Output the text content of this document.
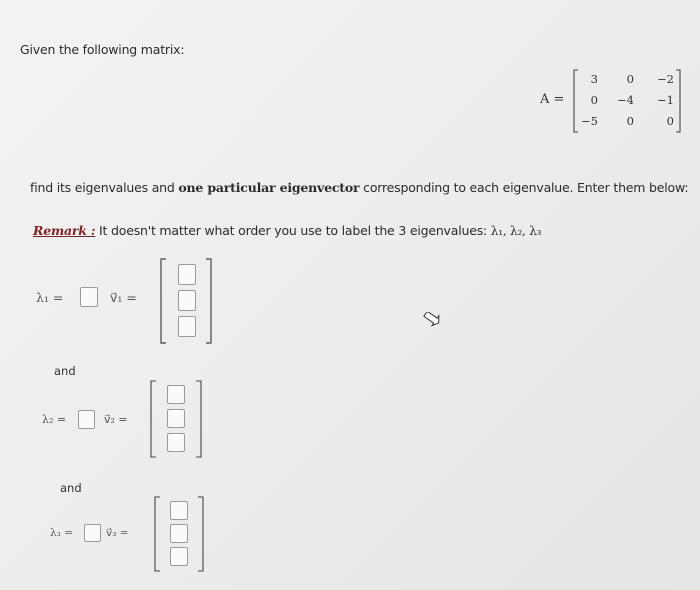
Given the following matrix:
A =
3	0	−2
0	−4	−1
−5	0	0
find its eigenvalues and one particular eigenvector corresponding to each eigenvalue. Enter them below:
Remark : It doesn't matter what order you use to label the 3 eigenvalues: λ₁, λ₂, λ₃
λ₁ =	v⃗₁ =
and
λ₂ =	v⃗₂ =
and
λ₃ =	v⃗₃ =
